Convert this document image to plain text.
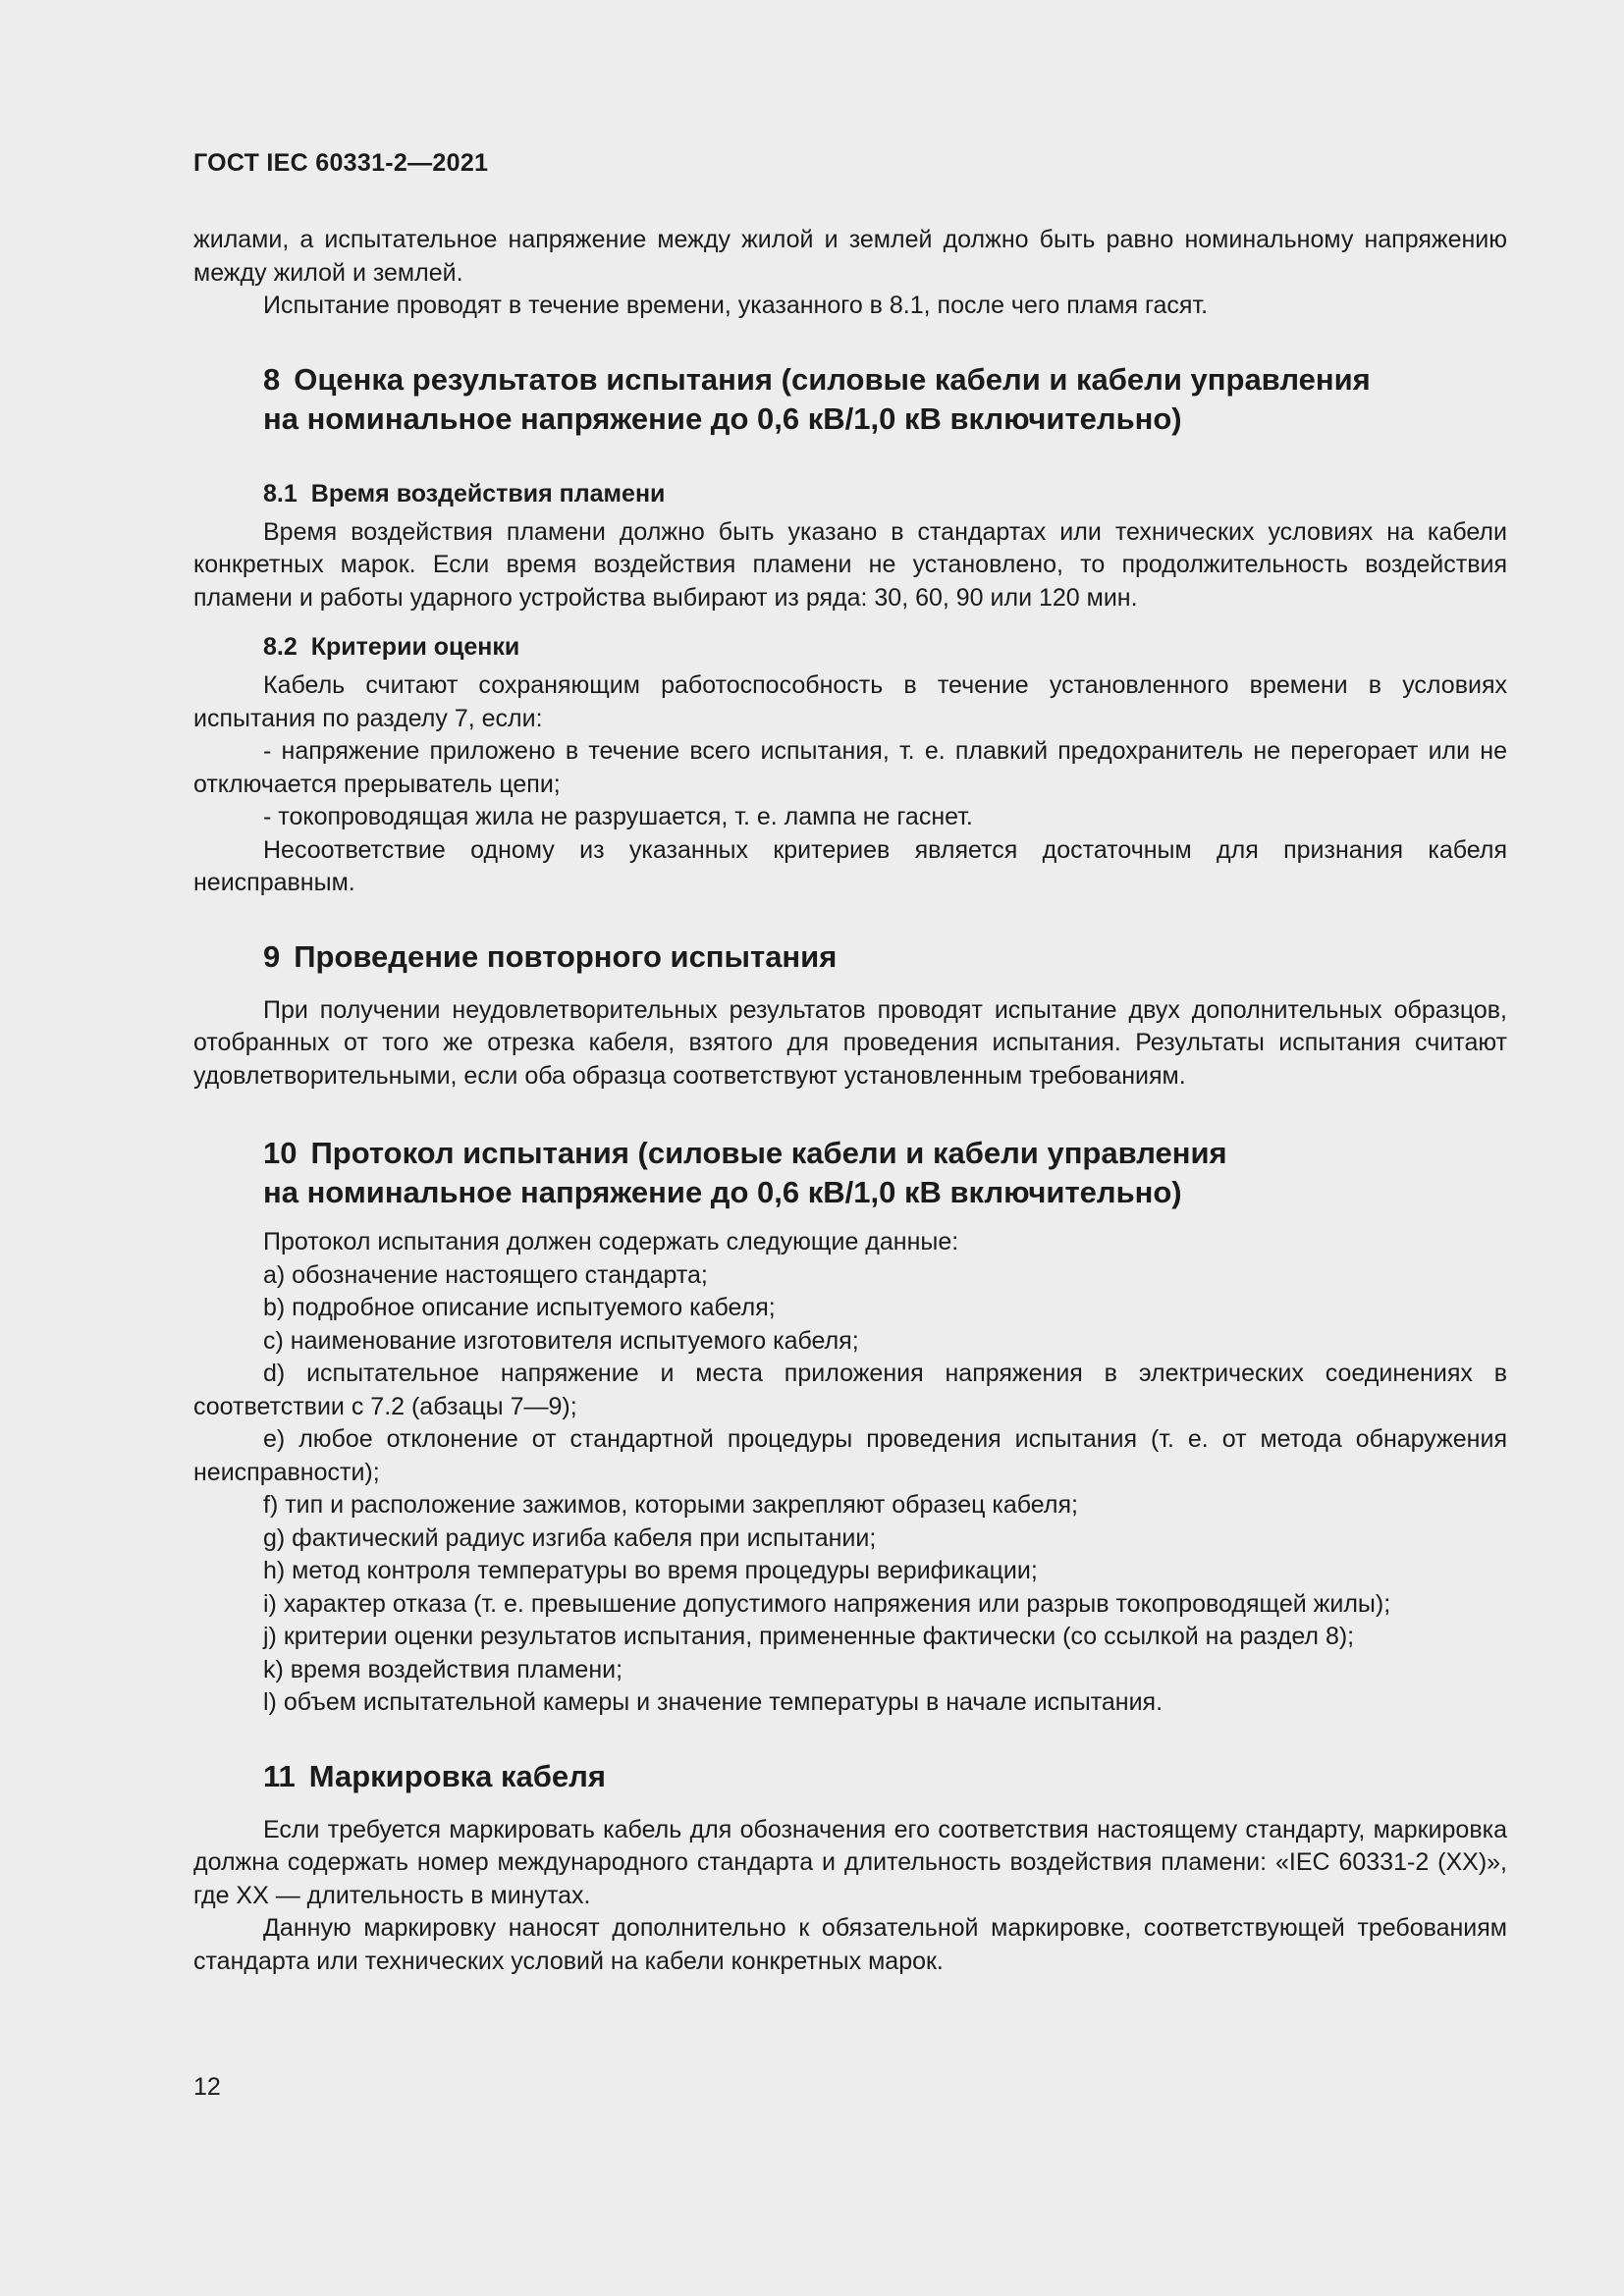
ГОСТ IEC 60331-2—2021

жилами, а испытательное напряжение между жилой и землей должно быть равно номинальному напряжению между жилой и землей.

Испытание проводят в течение времени, указанного в 8.1, после чего пламя гасят.

8 Оценка результатов испытания (силовые кабели и кабели управления
на номинальное напряжение до 0,6 кВ/1,0 кВ включительно)
8.1 Время воздействия пламени

Время воздействия пламени должно быть указано в стандартах или технических условиях на кабели конкретных марок. Если время воздействия пламени не установлено, то продолжительность воздействия пламени и работы ударного устройства выбирают из ряда: 30, 60, 90 или 120 мин.

8.2 Критерии оценки

Кабель считают сохраняющим работоспособность в течение установленного времени в условиях испытания по разделу 7, если:

- напряжение приложено в течение всего испытания, т. е. плавкий предохранитель не перегорает или не отключается прерыватель цепи;

- токопроводящая жила не разрушается, т. е. лампа не гаснет.

Несоответствие одному из указанных критериев является достаточным для признания кабеля неисправным.

9 Проведение повторного испытания

При получении неудовлетворительных результатов проводят испытание двух дополнительных образцов, отобранных от того же отрезка кабеля, взятого для проведения испытания. Результаты испытания считают удовлетворительными, если оба образца соответствуют установленным требованиям.

10 Протокол испытания (силовые кабели и кабели управления
на номинальное напряжение до 0,6 кВ/1,0 кВ включительно)

Протокол испытания должен содержать следующие данные:

a) обозначение настоящего стандарта;

b) подробное описание испытуемого кабеля;

c) наименование изготовителя испытуемого кабеля;

d) испытательное напряжение и места приложения напряжения в электрических соединениях в соответствии с 7.2 (абзацы 7—9);

e) любое отклонение от стандартной процедуры проведения испытания (т. е. от метода обнаружения неисправности);

f) тип и расположение зажимов, которыми закрепляют образец кабеля;

g) фактический радиус изгиба кабеля при испытании;

h) метод контроля температуры во время процедуры верификации;

i) характер отказа (т. е. превышение допустимого напряжения или разрыв токопроводящей жилы);

j) критерии оценки результатов испытания, примененные фактически (со ссылкой на раздел 8);

k) время воздействия пламени;

l) объем испытательной камеры и значение температуры в начале испытания.

11 Маркировка кабеля

Если требуется маркировать кабель для обозначения его соответствия настоящему стандарту, маркировка должна содержать номер международного стандарта и длительность воздействия пламени: «IEC 60331-2 (XX)», где XX — длительность в минутах.

Данную маркировку наносят дополнительно к обязательной маркировке, соответствующей требованиям стандарта или технических условий на кабели конкретных марок.

12
